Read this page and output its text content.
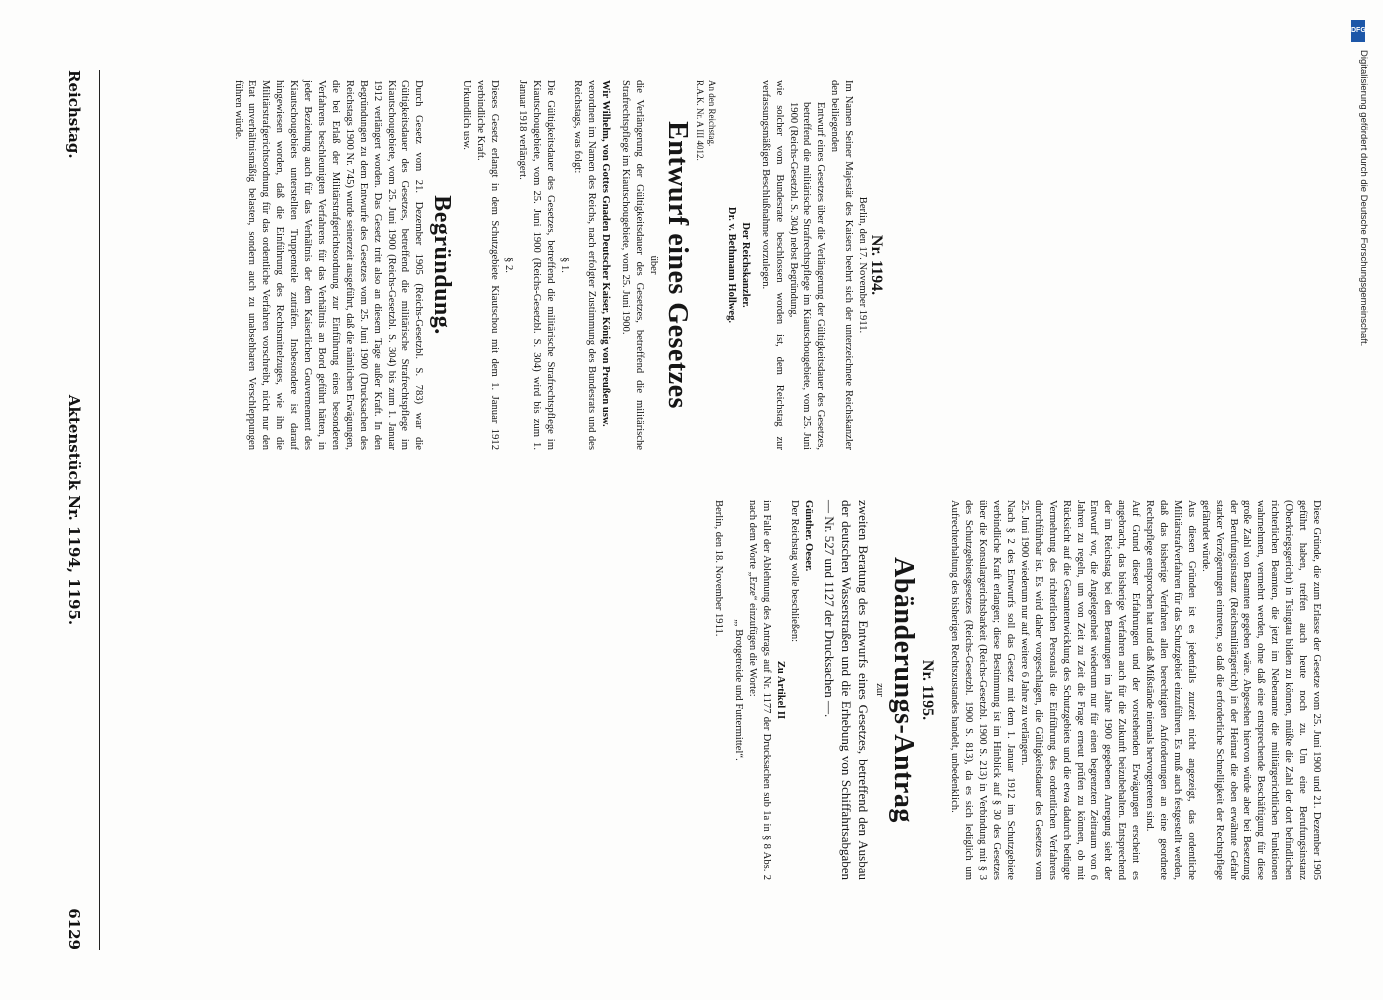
Reichstag.
Aktenstück Nr. 1194, 1195.
6129

Nr. 1194.

Berlin, den 17. November 1911.

Im Namen Seiner Majestät des Kaisers beehrt sich der unterzeichnete Reichskanzler den beiliegenden

Entwurf eines Gesetzes über die Verlängerung der Gültigkeitsdauer des Gesetzes, betreffend die militärische Strafrechtspflege im Kiautschougebiete, vom 25. Juni 1900 (Reichs-Gesetzbl. S. 304) nebst Begründung,

wie solcher vom Bundesrate beschlossen worden ist, dem Reichstag zur verfassungsmäßigen Beschlußnahme vorzulegen.

Der Reichskanzler.

Dr. v. Bethmann Hollweg.

An den Reichstag.

R.A.K. Nr. A III 4012.

Entwurf eines Gesetzes

über

die Verlängerung der Gültigkeitsdauer des Gesetzes, betreffend die militärische Strafrechtspflege im Kiautschougebiete, vom 25. Juni 1900.

Wir Wilhelm, von Gottes Gnaden Deutscher Kaiser, König von Preußen usw.

verordnen im Namen des Reichs, nach erfolgter Zustimmung des Bundesrats und des Reichstags, was folgt:

§ 1.

Die Gültigkeitsdauer des Gesetzes, betreffend die militärische Strafrechtspflege im Kiautschougebiete, vom 25. Juni 1900 (Reichs-Gesetzbl. S. 304) wird bis zum 1. Januar 1918 verlängert.

§ 2.

Dieses Gesetz erlangt in dem Schutzgebiete Kiautschou mit dem 1. Januar 1912 verbindliche Kraft.

Urkundlich usw.

Begründung.

Durch Gesetz vom 21. Dezember 1905 (Reichs-Gesetzbl. S. 783) war die Gültigkeitsdauer des Gesetzes, betreffend die militärische Strafrechtspflege im Kiautschougebiete, vom 25. Juni 1900 (Reichs-Gesetzbl. S. 304) bis zum 1. Januar 1912 verlängert worden. Das Gesetz tritt also an diesem Tage außer Kraft. In den Begründungen zu dem Entwurfe des Gesetzes vom 25. Juni 1900 (Drucksachen des Reichstags 1900 Nr. 745) wurde seinerzeit ausgeführt, daß die nämlichen Erwägungen, die bei Erlaß der Militärstrafgerichtsordnung zur Einführung eines besonderen Verfahrens beschleunigten Verfahrens für das Verhältnis an Bord geführt hätten, in jeder Beziehung auch für das Verhältnis der dem Kaiserlichen Gouvernement des Kiautschougebiets unterstellten Truppenteile zuträfen. Insbesondere ist darauf hingewiesen worden, daß die Einführung des Rechtsmittelzuges, wie ihn die Militärstrafgerichtsordnung für das ordentliche Verfahren vorschreibt, nicht nur den Etat unverhältnismäßig belasten, sondern auch zu unabsehbaren Verschleppungen führen würde.

Diese Gründe, die zum Erlasse der Gesetze vom 25. Juni 1900 und 21. Dezember 1905 geführt haben, treffen auch heute noch zu. Um eine Berufungsinstanz (Oberkriegsgericht) in Tsingtau bilden zu können, müßte die Zahl der dort befindlichen richterlichen Beamten, die jetzt im Nebenamte die militärgerichtlichen Funktionen wahrnehmen, vermehrt werden, ohne daß eine entsprechende Beschäftigung für diese große Zahl von Beamten gegeben wäre. Abgesehen hiervon würde aber bei Besetzung der Berufungsinstanz (Reichsmilitärgericht) in der Heimat die oben erwähnte Gefahr starker Verzögerungen eintreten, so daß die erforderliche Schnelligkeit der Rechtspflege gefährdet würde.

Aus diesen Gründen ist es jedenfalls zurzeit nicht angezeigt, das ordentliche Militärstrafverfahren für das Schutzgebiet einzuführen. Es muß auch festgestellt werden, daß das bisherige Verfahren allen berechtigten Anforderungen an eine geordnete Rechtspflege entsprochen hat und daß Mißstände niemals hervorgetreten sind.

Auf Grund dieser Erfahrungen und der vorstehenden Erwägungen erscheint es angebracht, das bisherige Verfahren auch für die Zukunft beizubehalten. Entsprechend der im Reichstag bei den Beratungen im Jahre 1900 gegebenen Anregung sieht der Entwurf vor, die Angelegenheit wiederum nur für einen begrenzten Zeitraum von 6 Jahren zu regeln, um von Zeit zu Zeit die Frage erneut prüfen zu können, ob mit Rücksicht auf die Gesamtentwicklung des Schutzgebiets und die etwa dadurch bedingte Vermehrung des richterlichen Personals die Einführung des ordentlichen Verfahrens durchführbar ist. Es wird daher vorgeschlagen, die Gültigkeitsdauer des Gesetzes vom 25. Juni 1900 wiederum nur auf weitere 6 Jahre zu verlängern.

Nach § 2 des Entwurfs soll das Gesetz mit dem 1. Januar 1912 im Schutzgebiete verbindliche Kraft erlangen; diese Bestimmung ist im Hinblick auf § 30 des Gesetzes über die Konsulargerichtsbarkeit (Reichs-Gesetzbl. 1900 S. 213) in Verbindung mit § 3 des Schutzgebietsgesetzes (Reichs-Gesetzbl. 1900 S. 813), da es sich lediglich um Aufrechterhaltung des bisherigen Rechtszustandes handelt, unbedenklich.

Nr. 1195.

Abänderungs-Antrag

zur

zweiten Beratung des Entwurfs eines Gesetzes, betreffend den Ausbau der deutschen Wasserstraßen und die Erhebung von Schiffahrtsabgaben — Nr. 527 und 1127 der Drucksachen —.

Günther. Oeser.

Der Reichstag wolle beschließen:

Zu Artikel II

im Falle der Ablehnung des Antrags auf Nr. 1177 der Drucksachen sub 1a in § 8 Abs. 2 nach dem Worte „Erze“ einzufügen die Worte:

„, Brotgetreide und Futtermittel“.

Berlin, den 18. November 1911.

DFG
Digitalisierung gefördert durch die Deutsche Forschungsgemeinschaft.
